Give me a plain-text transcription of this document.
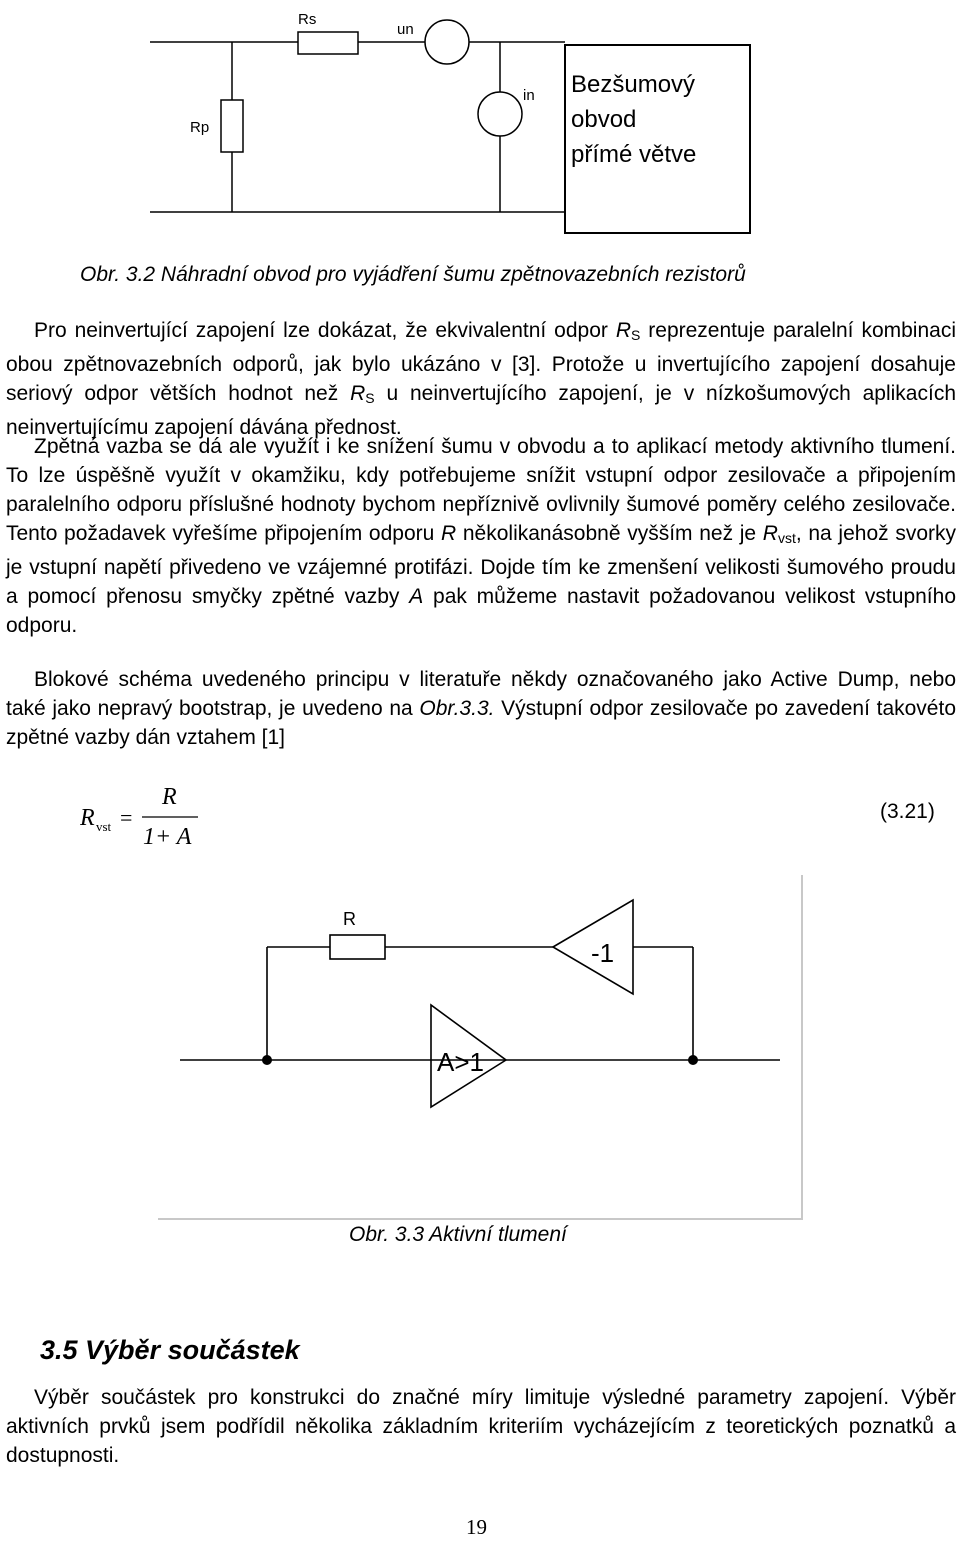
Rs
un
in
Rp
Bezšumový
obvod
přímé větve
Obr. 3.2 Náhradní obvod pro vyjádření šumu zpětnovazebních rezistorů

Pro neinvertující zapojení lze dokázat, že ekvivalentní odpor $R_S$ reprezentuje paralelní kombinaci obou zpětnovazebních odporů, jak bylo ukázáno v [3]. Protože u invertujícího zapojení dosahuje seriový odpor větších hodnot než $R_S$ u neinvertujícího zapojení, je v nízkošumových aplikacích neinvertujícímu zapojení dávána přednost.

Zpětná vazba se dá ale využít i ke snížení šumu v obvodu a to aplikací metody aktivního tlumení. To lze úspěšně využít v okamžiku, kdy potřebujeme snížit vstupní odpor zesilovače a připojením paralelního odporu příslušné hodnoty bychom nepříznivě ovlivnily šumové poměry celého zesilovače. Tento požadavek vyřešíme připojením odporu R několikanásobně vyšším než je $R_{vst}$, na jehož svorky je vstupní napětí přivedeno ve vzájemné protifázi. Dojde tím ke zmenšení velikosti šumového proudu a pomocí přenosu smyčky zpětné vazby A pak můžeme nastavit požadovanou velikost vstupního odporu.

Blokové schéma uvedeného principu v literatuře někdy označovaného jako Active Dump, nebo také jako nepravý bootstrap, je uvedeno na Obr.3.3. Výstupní odpor zesilovače po zavedení takovéto zpětné vazby dán vztahem [1]

R vst =
R
1+ A
(3.21)
R
-1
A>1
Obr. 3.3 Aktivní tlumení
3.5 Výběr součástek

Výběr součástek pro konstrukci do značné míry limituje výsledné parametry zapojení. Výběr aktivních prvků jsem podřídil několika základním kriteriím vycházejícím z teoretických poznatků a dostupnosti.

19
